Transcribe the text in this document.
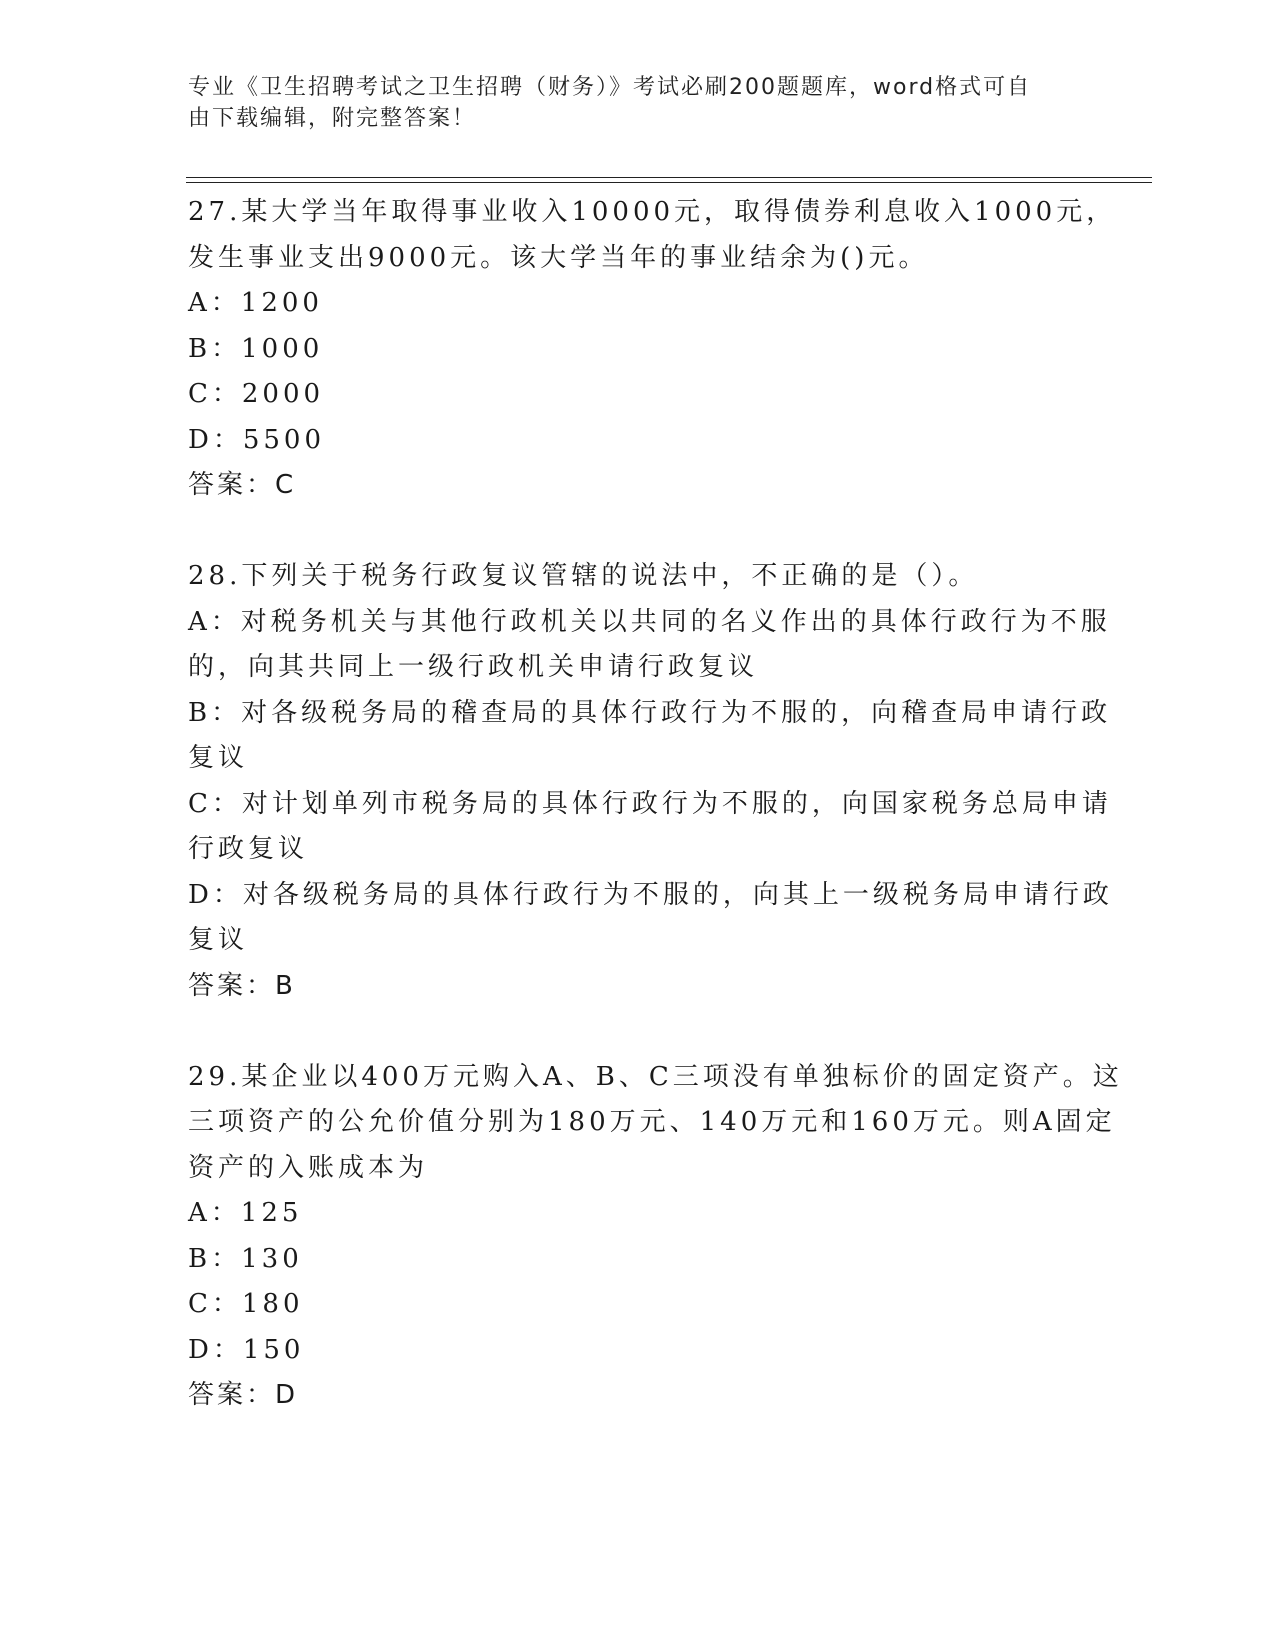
专业《卫生招聘考试之卫生招聘（财务）》考试必刷200题题库，word格式可自
由下载编辑，附完整答案！
27.某大学当年取得事业收入10000元，取得债券利息收入1000元，
发生事业支出9000元。该大学当年的事业结余为()元。
A：1200
B：1000
C：2000
D：5500
答案：C
28.下列关于税务行政复议管辖的说法中，不正确的是（）。
A：对税务机关与其他行政机关以共同的名义作出的具体行政行为不服
的，向其共同上一级行政机关申请行政复议
B：对各级税务局的稽查局的具体行政行为不服的，向稽查局申请行政
复议
C：对计划单列市税务局的具体行政行为不服的，向国家税务总局申请
行政复议
D：对各级税务局的具体行政行为不服的，向其上一级税务局申请行政
复议
答案：B
29.某企业以400万元购入A、B、C三项没有单独标价的固定资产。这
三项资产的公允价值分别为180万元、140万元和160万元。则A固定
资产的入账成本为
A：125
B：130
C：180
D：150
答案：D
